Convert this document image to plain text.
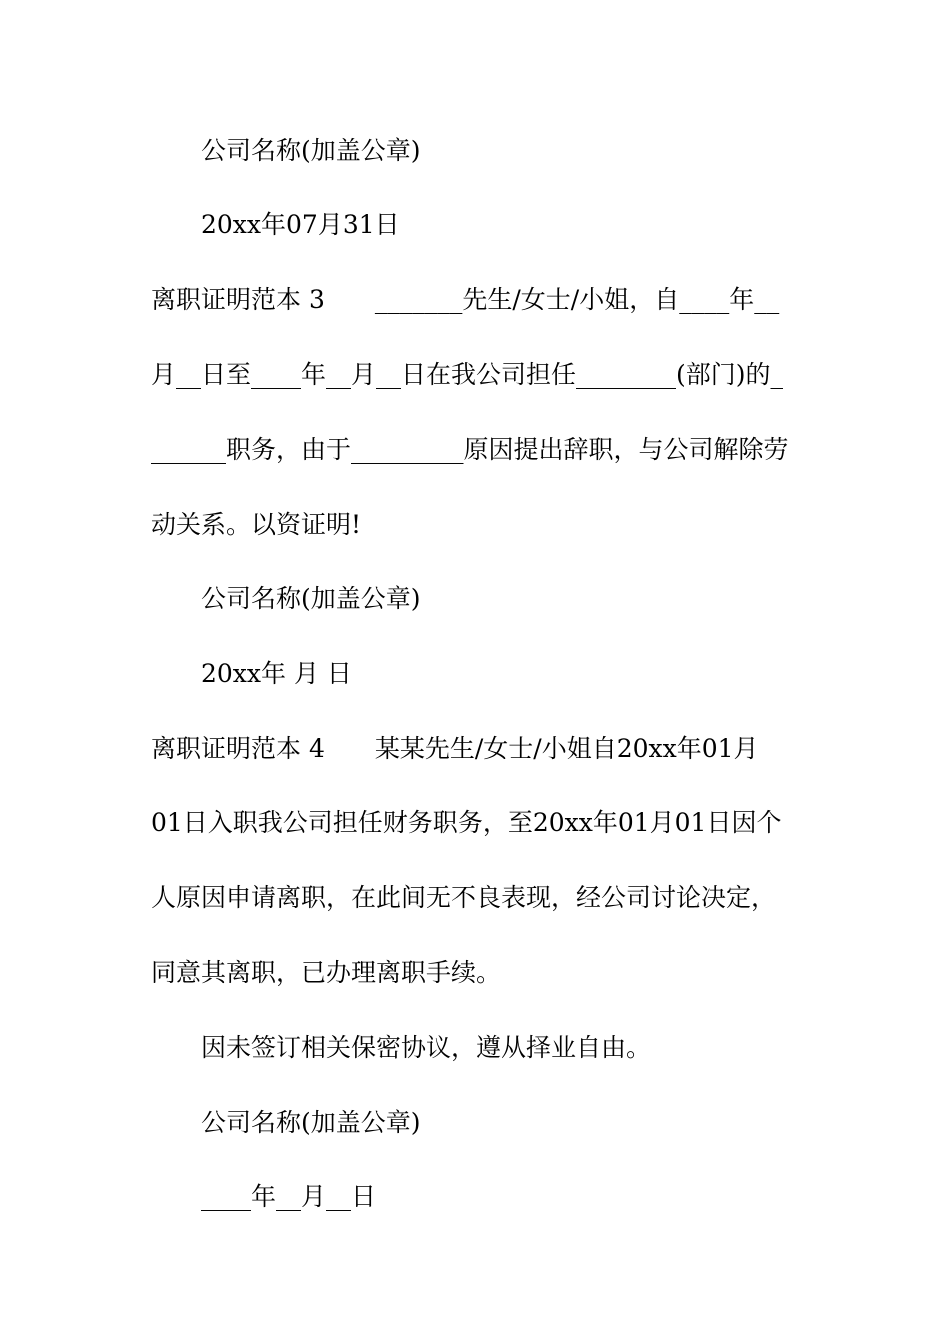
公司名称(加盖公章)
20xx年07月31日
离职证明范本 3　　_______先生/女士/小姐，自____年__
月__日至____年__月__日在我公司担任________(部门)的_
______职务，由于_________原因提出辞职，与公司解除劳
动关系。以资证明!
公司名称(加盖公章)
20xx年 月 日
离职证明范本 4　　某某先生/女士/小姐自20xx年01月
01日入职我公司担任财务职务，至20xx年01月01日因个
人原因申请离职，在此间无不良表现，经公司讨论决定，
同意其离职，已办理离职手续。
因未签订相关保密协议，遵从择业自由。
公司名称(加盖公章)
____年__月__日
